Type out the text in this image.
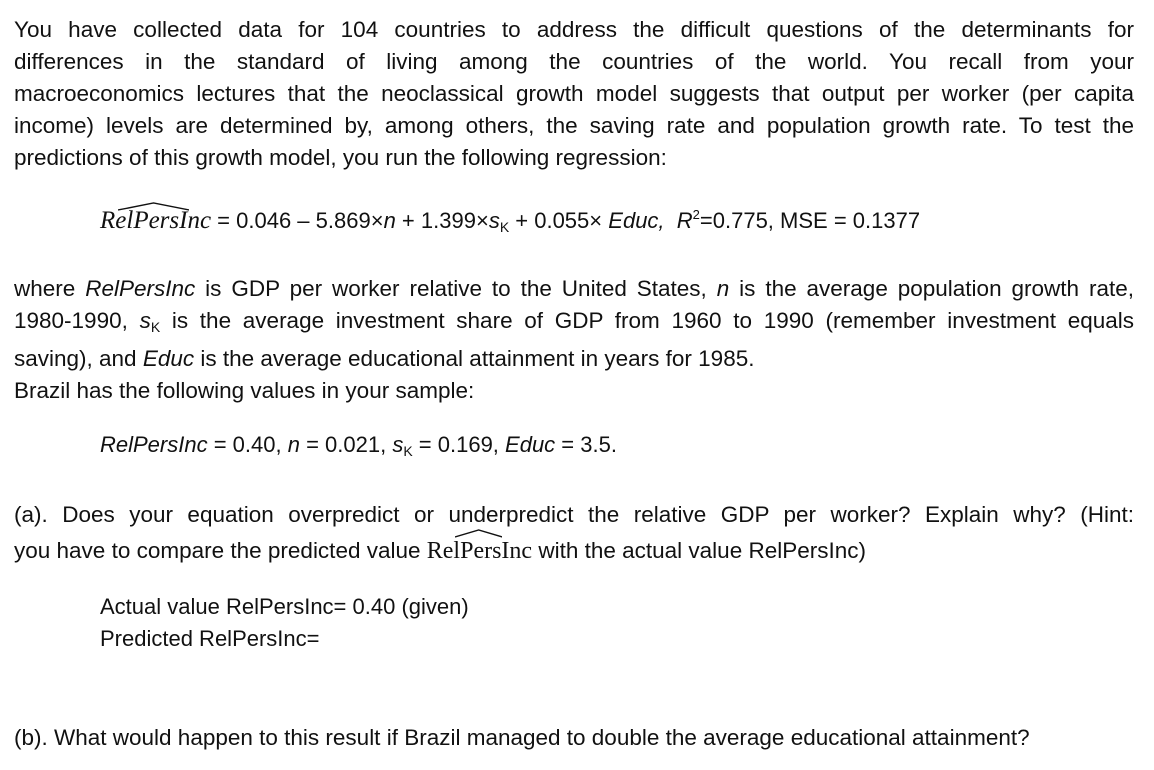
You have collected data for 104 countries to address the difficult questions of the determinants for
differences in the standard of living among the countries of the world. You recall from your
macroeconomics lectures that the neoclassical growth model suggests that output per worker (per capita
income) levels are determined by, among others, the saving rate and population growth rate. To test the
predictions of this growth model, you run the following regression:
RelPersInc = $0.046 - 5.869\times n + 1.399\times s_K + 0.055\times$ Educ, $R^2=0.775$, MSE = 0.1377
where RelPersInc is GDP per worker relative to the United States, n is the average population growth rate,
1980-1990, $s_K$ is the average investment share of GDP from 1960 to 1990 (remember investment equals
saving), and Educ is the average educational attainment in years for 1985.
Brazil has the following values in your sample:
RelPersInc = 0.40, n = 0.021, $s_K = 0.169$, Educ = 3.5.
(a). Does your equation overpredict or underpredict the relative GDP per worker? Explain why? (Hint:
you have to compare the predicted value
RelPersInc with the actual value RelPersInc)
Actual value RelPersInc= 0.40 (given)
Predicted RelPersInc=
(b). What would happen to this result if Brazil managed to double the average educational attainment?
